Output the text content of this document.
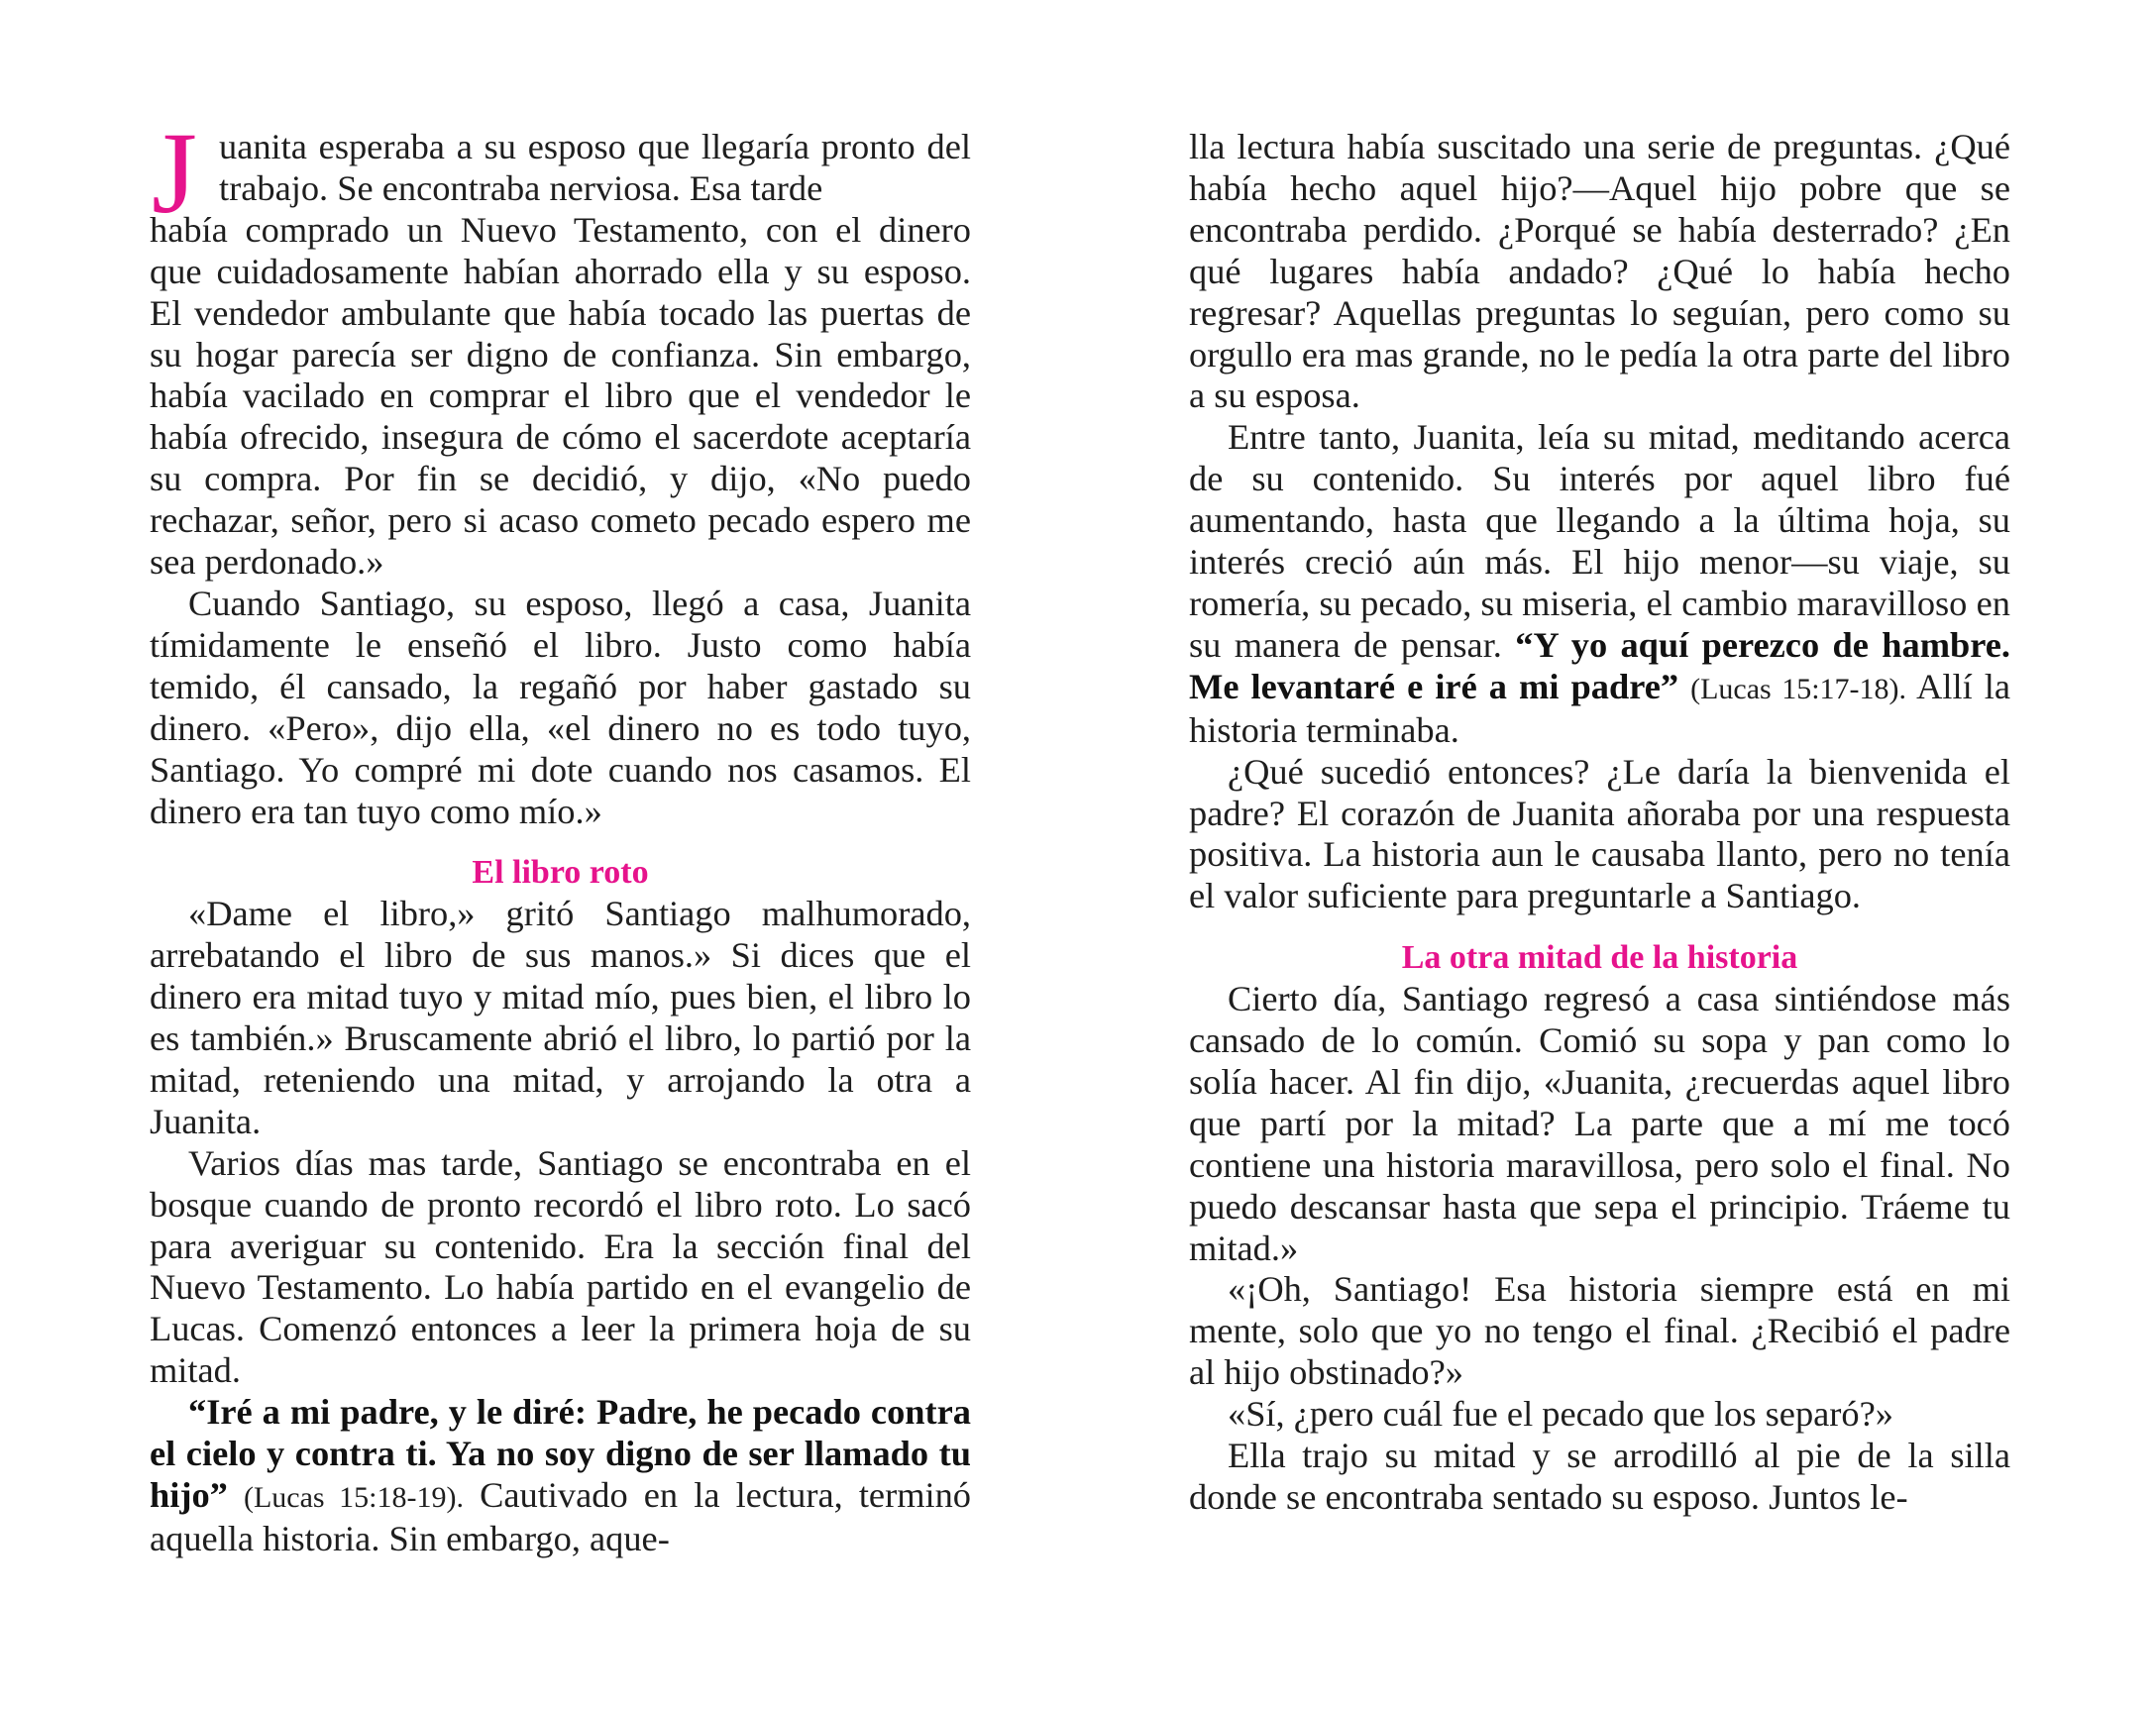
J uanita esperaba a su esposo que llegaría pronto del trabajo. Se encontraba nerviosa. Esa tarde
había comprado un Nuevo Testamento, con el dinero que cuidadosamente habían ahorrado ella y su esposo. El vendedor ambulante que había tocado las puertas de su hogar parecía ser digno de confianza. Sin embargo, había vacilado en comprar el libro que el vendedor le había ofrecido, insegura de cómo el sacerdote aceptaría su compra. Por fin se decidió, y dijo, «No puedo rechazar, señor, pero si acaso cometo pecado espero me sea perdonado.»

Cuando Santiago, su esposo, llegó a casa, Juanita tímidamente le enseñó el libro. Justo como había temido, él cansado, la regañó por haber gastado su dinero. «Pero», dijo ella, «el dinero no es todo tuyo, Santiago. Yo compré mi dote cuando nos casamos. El dinero era tan tuyo como mío.»

El libro roto

«Dame el libro,» gritó Santiago malhumorado, arrebatando el libro de sus manos.» Si dices que el dinero era mitad tuyo y mitad mío, pues bien, el libro lo es también.» Bruscamente abrió el libro, lo partió por la mitad, reteniendo una mitad, y arrojando la otra a Juanita.

Varios días mas tarde, Santiago se encontraba en el bosque cuando de pronto recordó el libro roto. Lo sacó para averiguar su contenido. Era la sección final del Nuevo Testamento. Lo había partido en el evangelio de Lucas. Comenzó entonces a leer la primera hoja de su mitad.

“Iré a mi padre, y le diré: Padre, he pecado contra el cielo y contra ti. Ya no soy digno de ser llamado tu hijo” (Lucas 15:18-19). Cautivado en la lectura, terminó aquella historia. Sin embargo, aque-

lla lectura había suscitado una serie de preguntas. ¿Qué había hecho aquel hijo?—Aquel hijo pobre que se encontraba perdido. ¿Porqué se había desterrado? ¿En qué lugares había andado? ¿Qué lo había hecho regresar? Aquellas preguntas lo seguían, pero como su orgullo era mas grande, no le pedía la otra parte del libro a su esposa.

Entre tanto, Juanita, leía su mitad, meditando acerca de su contenido. Su interés por aquel libro fué aumentando, hasta que llegando a la última hoja, su interés creció aún más. El hijo menor—su viaje, su romería, su pecado, su miseria, el cambio maravilloso en su manera de pensar. “Y yo aquí perezco de hambre. Me levantaré e iré a mi padre” (Lucas 15:17-18). Allí la historia terminaba.

¿Qué sucedió entonces? ¿Le daría la bienvenida el padre? El corazón de Juanita añoraba por una respuesta positiva. La historia aun le causaba llanto, pero no tenía el valor suficiente para preguntarle a Santiago.

La otra mitad de la historia

Cierto día, Santiago regresó a casa sintiéndose más cansado de lo común. Comió su sopa y pan como lo solía hacer. Al fin dijo, «Juanita, ¿recuerdas aquel libro que partí por la mitad? La parte que a mí me tocó contiene una historia maravillosa, pero solo el final. No puedo descansar hasta que sepa el principio. Tráeme tu mitad.»

«¡Oh, Santiago! Esa historia siempre está en mi mente, solo que yo no tengo el final. ¿Recibió el padre al hijo obstinado?»

«Sí, ¿pero cuál fue el pecado que los separó?»

Ella trajo su mitad y se arrodilló al pie de la silla donde se encontraba sentado su esposo. Juntos le-
